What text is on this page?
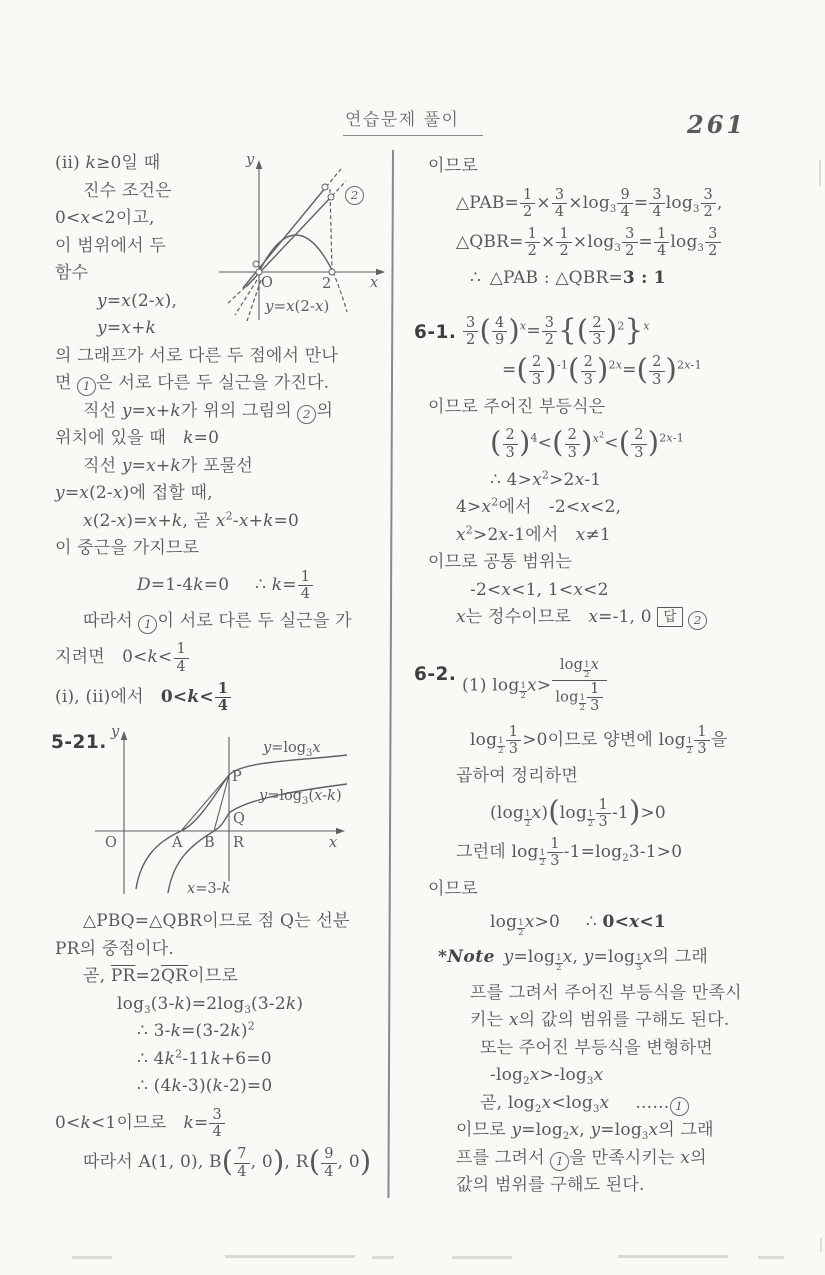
연습문제 풀이	261
y
x
O	2
2
y=x(2-x)
(ii) k≥0일 때
진수 조건은
0<x<2이고,
이 범위에서 두
함수
y=x(2-x),
y=x+k
의 그래프가 서로 다른 두 점에서 만나
면 1 은 서로 다른 두 실근을 가진다.
직선 y=x+k가 위의 그림의 2 의
위치에 있을 때 k=0
직선 y=x+k가 포물선
y=x(2-x)에 접할 때,
x(2-x)=x+k, 곧 $x^2-x+k=0$
이 중근을 가지므로
D=1-4k=0  ∴ $k= \frac{1}{4}$
따라서 1 이 서로 다른 두 실근을 가
지려면 $0<k< \frac{1}{4}$
(i), (ii)에서 $0<k< \frac{1}{4}$
5-21. y
x
O	A B R
P
Q
x=3-k
$y=\log_3x$
$y=\log_3(x-k)$
△PBQ=△QBR이므로 점 Q는 선분
PR의 중점이다.
곧, $\overline{PR}=2\overline{QR}$이므로
$\log_3(3-k)=2\log_3(3-2k)$
∴ $3-k=(3-2k)^2$
∴ $4k^2-11k+6=0$
∴ (4k-3)(k-2)=0
0<k<1이므로 $k= \frac{3}{4}$
따라서 A(1, 0), $B( \frac{7}{4}$ , 0), $R( \frac{9}{4}$ , 0)
이므로
△PAB= $\frac{1}{2} \times \frac{3}{4} \times\log_3 \frac{9}{4} = \frac{3}{4} \log_3 \frac{3}{2}$ ,
△QBR= $\frac{1}{2} \times \frac{1}{2} \times\log_3 \frac{3}{2} = \frac{1}{4} \log_3 \frac{3}{2}$
∴ △PAB : △QBR=3 : 1
6-1. $\frac{3}{2}$ ( $\frac{4}{9} )^x= \frac{3}{2}$ {( $\frac{2}{3} )^2\}^x$
=( $\frac{2}{3} )^{-1}( \frac{2}{3} )^{2x}=( \frac{2}{3} )^{2x-1}$
이므로 주어진 부등식은
( $\frac{2}{3} )^4<( \frac{2}{3} )^{x^2}<( \frac{2}{3} )^{2x-1}$
∴ $4>x^2>2x-1$
$4>x^2$에서 -2<x<2,
$x^2>2x-1$에서 x≠1
이므로 공통 범위는
-2<x<1, 1<x<2
x는 정수이므로 x=-1, 0 답 2
6-2.
(1) log $_{\frac{1}{2}}$ x> log $_{\frac{1}{2}}$ x
$\log _{\frac{1}{2}} \frac{1}{3}$
$\log _{\frac{1}{2}} \frac{1}{3} >0$이므로 양변에 $\log _{\frac{1}{2}} \frac{1}{3}$ 을
곱하여 정리하면
(log $_{\frac{1}{2}}$ x)(log $_{\frac{1}{2}} \frac{1}{3} -1)>0$
그런데 $\log _{\frac{1}{2}} \frac{1}{3} -1=\log_23-1>0$
이므로
log $_{\frac{1}{2}}$ x>0  ∴ 0<x<1
*Note  y=log $_{\frac{1}{2}}$ x, y=log $_{\frac{1}{3}}$ x의 그래
프를 그려서 주어진 부등식을 만족시
키는 x의 값의 범위를 구해도 된다.
또는 주어진 부등식을 변형하면
$-\log_2x>-\log_3x$
곧, $\log_2x<\log_3x$  …… 1
이므로 $y=\log_2x$, $y=\log_3x$의 그래
프를 그려서 1 을 만족시키는 x의
값의 범위를 구해도 된다.
